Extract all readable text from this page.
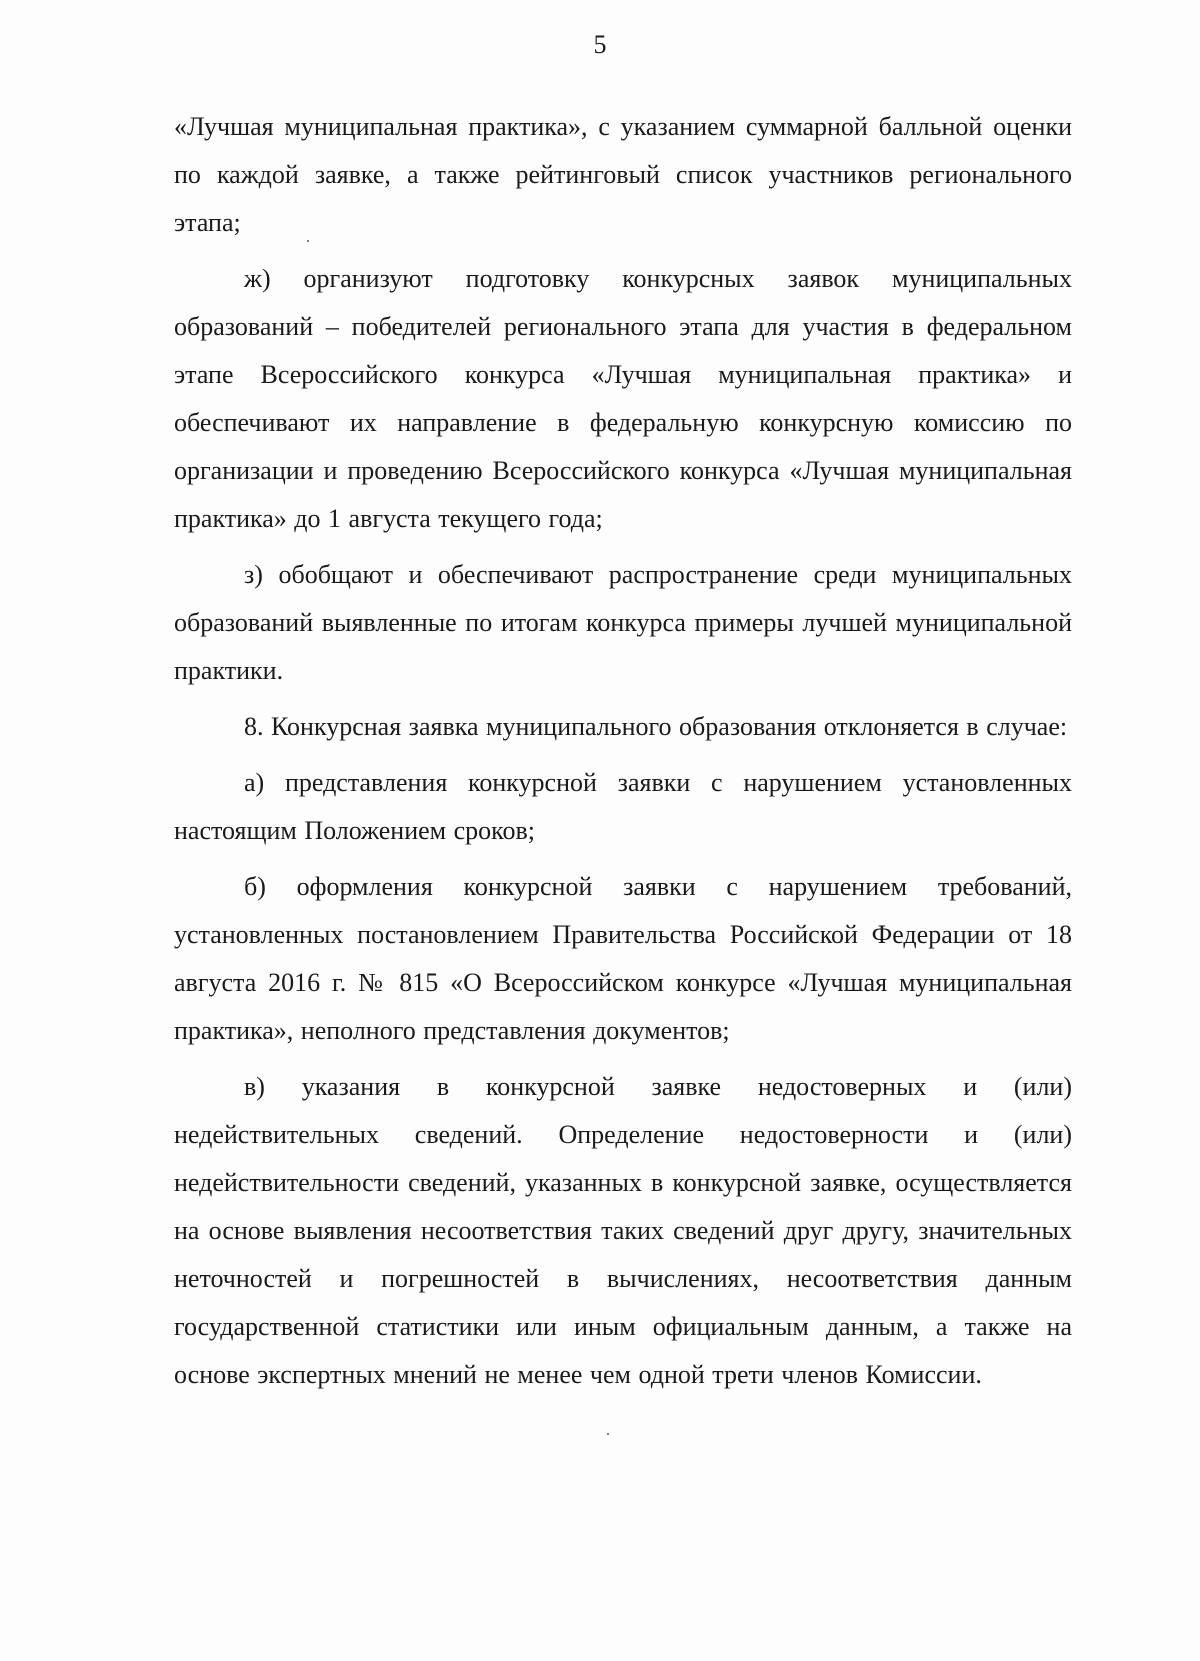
5

«Лучшая муниципальная практика», с указанием суммарной балльной оценки по каждой заявке, а также рейтинговый список участников регионального этапа;

ж) организуют подготовку конкурсных заявок муниципальных образований – победителей регионального этапа для участия в федеральном этапе Всероссийского конкурса «Лучшая муниципальная практика» и обеспечивают их направление в федеральную конкурсную комиссию по организации и проведению Всероссийского конкурса «Лучшая муниципальная практика» до 1 августа текущего года;

з) обобщают и обеспечивают распространение среди муниципальных образований выявленные по итогам конкурса примеры лучшей муниципальной практики.

8. Конкурсная заявка муниципального образования отклоняется в случае:

а) представления конкурсной заявки с нарушением установленных настоящим Положением сроков;

б) оформления конкурсной заявки с нарушением требований, установленных постановлением Правительства Российской Федерации от 18 августа 2016 г. № 815 «О Всероссийском конкурсе «Лучшая муниципальная практика», неполного представления документов;

в) указания в конкурсной заявке недостоверных и (или) недействительных сведений. Определение недостоверности и (или) недействительности сведений, указанных в конкурсной заявке, осуществляется на основе выявления несоответствия таких сведений друг другу, значительных неточностей и погрешностей в вычислениях, несоответствия данным государственной статистики или иным официальным данным, а также на основе экспертных мнений не менее чем одной трети членов Комиссии.
